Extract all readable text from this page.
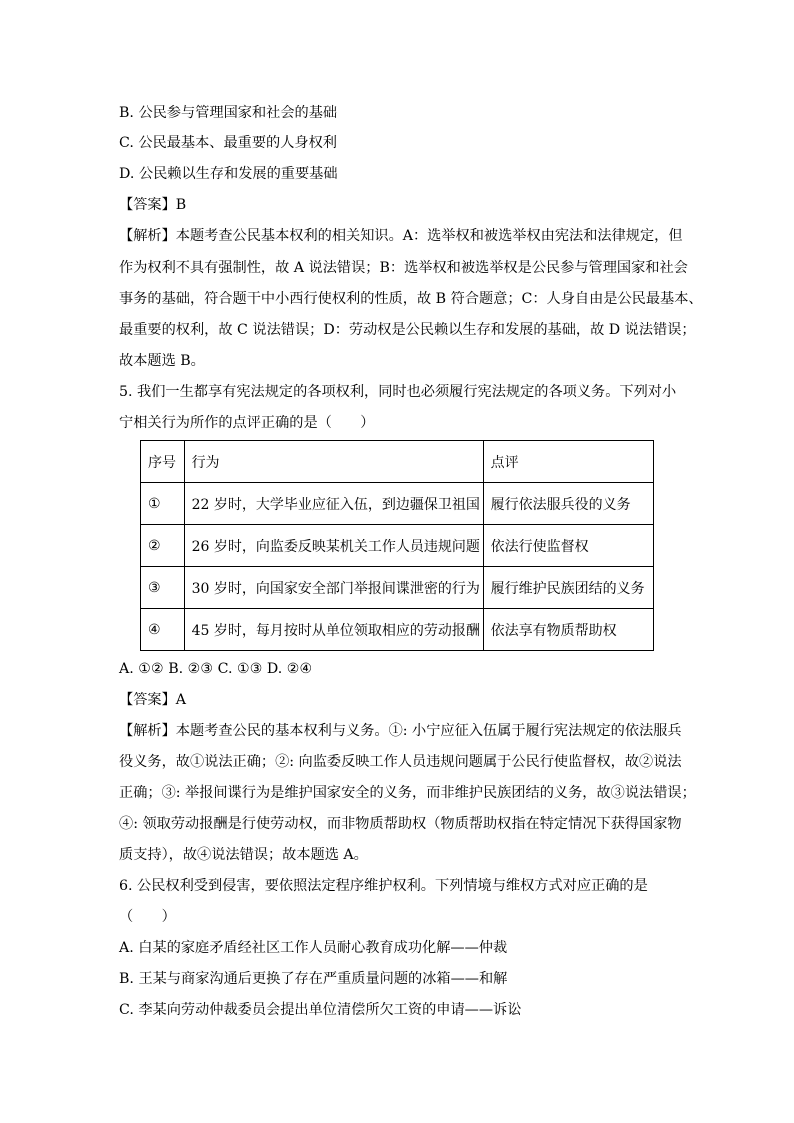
B. 公民参与管理国家和社会的基础
C. 公民最基本、最重要的人身权利
D. 公民赖以生存和发展的重要基础
【答案】B
【解析】本题考查公民基本权利的相关知识。A：选举权和被选举权由宪法和法律规定，但
作为权利不具有强制性，故 A 说法错误；B：选举权和被选举权是公民参与管理国家和社会
事务的基础，符合题干中小西行使权利的性质，故 B 符合题意；C：人身自由是公民最基本、
最重要的权利，故 C 说法错误；D：劳动权是公民赖以生存和发展的基础，故 D 说法错误；
故本题选 B。
5. 我们一生都享有宪法规定的各项权利，同时也必须履行宪法规定的各项义务。下列对小
宁相关行为所作的点评正确的是（　　）
序号	行为	点评
①	22 岁时，大学毕业应征入伍，到边疆保卫祖国	履行依法服兵役的义务
②	26 岁时，向监委反映某机关工作人员违规问题	依法行使监督权
③	30 岁时，向国家安全部门举报间谍泄密的行为	履行维护民族团结的义务
④	45 岁时，每月按时从单位领取相应的劳动报酬	依法享有物质帮助权
A. ①② B. ②③ C. ①③ D. ②④
【答案】A
【解析】本题考查公民的基本权利与义务。①: 小宁应征入伍属于履行宪法规定的依法服兵
役义务，故①说法正确；②: 向监委反映工作人员违规问题属于公民行使监督权，故②说法
正确；③: 举报间谍行为是维护国家安全的义务，而非维护民族团结的义务，故③说法错误；
④: 领取劳动报酬是行使劳动权，而非物质帮助权（物质帮助权指在特定情况下获得国家物
质支持），故④说法错误；故本题选 A。
6. 公民权利受到侵害，要依照法定程序维护权利。下列情境与维权方式对应正确的是
（　　）
A. 白某的家庭矛盾经社区工作人员耐心教育成功化解——仲裁
B. 王某与商家沟通后更换了存在严重质量问题的冰箱——和解
C. 李某向劳动仲裁委员会提出单位清偿所欠工资的申请——诉讼
